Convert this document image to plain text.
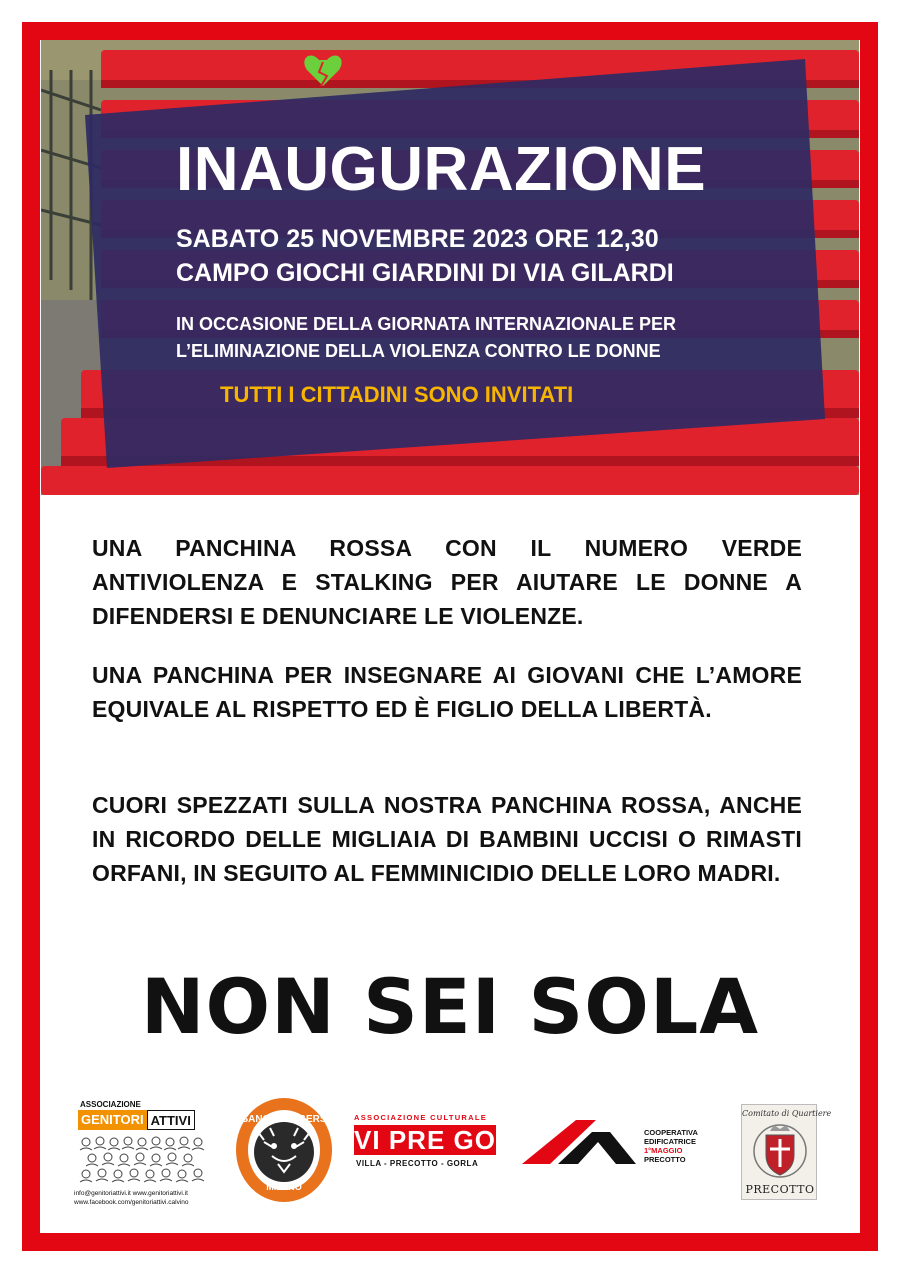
INAUGURAZIONE
SABATO 25 NOVEMBRE 2023 ORE 12,30
CAMPO GIOCHI GIARDINI DI VIA GILARDI
IN OCCASIONE DELLA GIORNATA INTERNAZIONALE PER
L’ELIMINAZIONE DELLA VIOLENZA CONTRO LE DONNE
TUTTI I CITTADINI SONO INVITATI

UNA PANCHINA ROSSA CON IL NUMERO VERDE ANTIVIOLENZA E STALKING PER AIUTARE LE DONNE A DIFENDERSI E DENUNCIARE LE VIOLENZE.

UNA PANCHINA PER INSEGNARE AI GIOVANI CHE L’AMORE EQUIVALE AL RISPETTO ED È FIGLIO DELLA LIBERTÀ.

CUORI SPEZZATI SULLA NOSTRA PANCHINA ROSSA, ANCHE IN RICORDO DELLE MIGLIAIA DI BAMBINI UCCISI O RIMASTI ORFANI, IN SEGUITO AL FEMMINICIDIO DELLE LORO MADRI.

NON SEI SOLA
ASSOCIAZIONE
GENITORI ATTIVI
info@genitoriattivi.it www.genitoriattivi.it
www.facebook.com/genitoriattivi.calvino
SANGA’S TIGERS
MILANO
ASSOCIAZIONE CULTURALE
VI PRE GO
VILLA - PRECOTTO - GORLA
COOPERATIVA
EDIFICATRICE
1°MAGGIO
PRECOTTO
Comitato di Quartiere
PRECOTTO
